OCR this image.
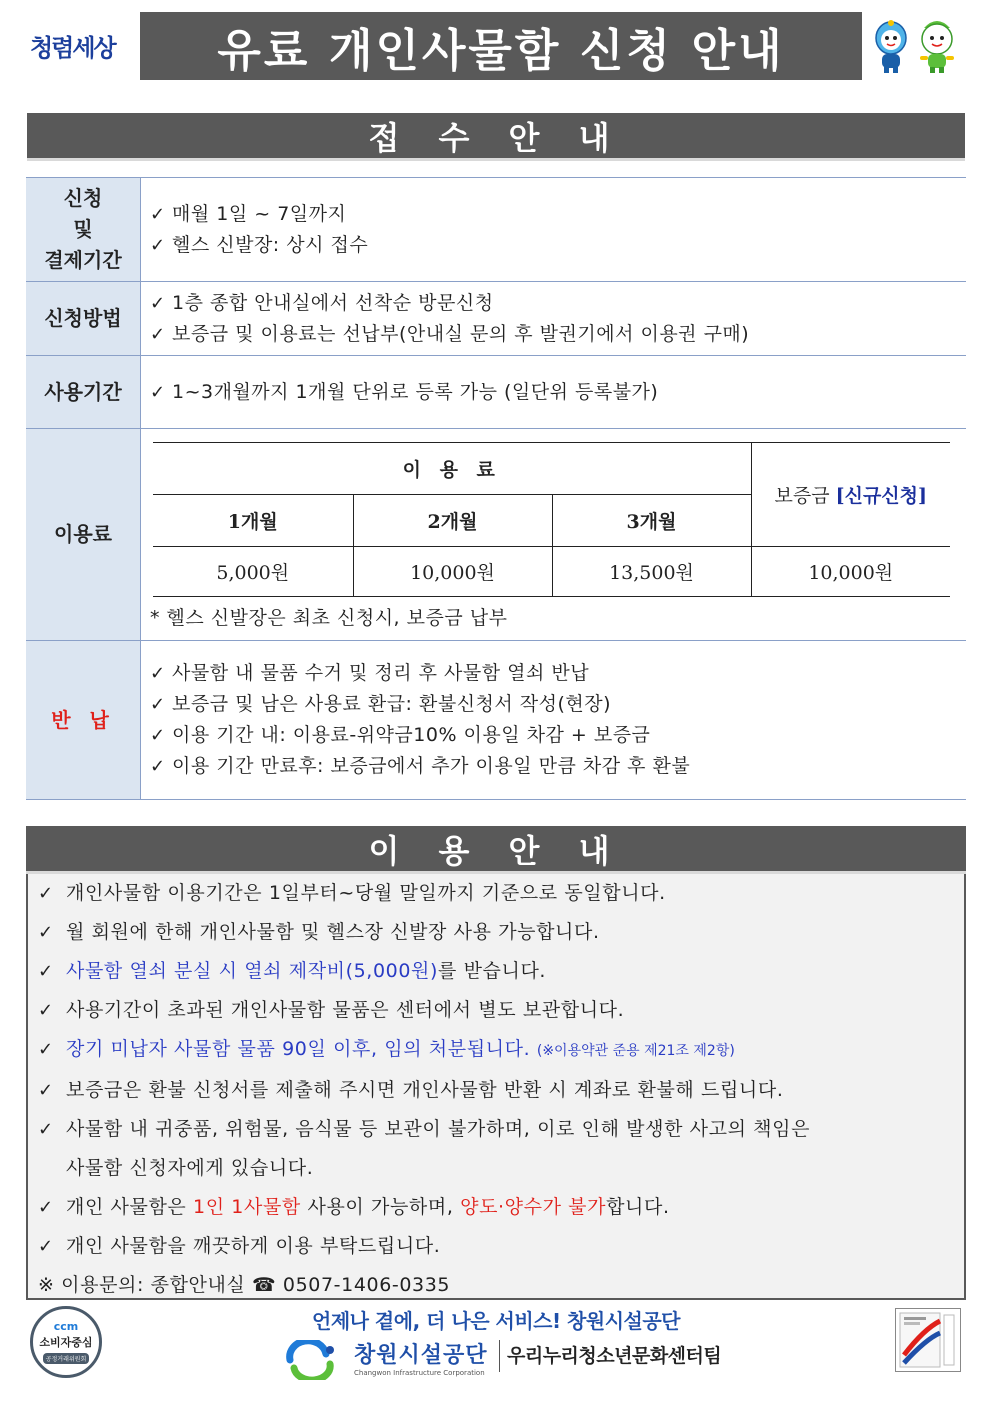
청렴세상 유료 개인사물함 신청 안내
접 수 안 내
신청
및
결제기간
✓ 매월 1일 ~ 7일까지
✓ 헬스 신발장: 상시 접수
신청방법
✓ 1층 종합 안내실에서 선착순 방문신청
✓ 보증금 및 이용료는 선납부(안내실 문의 후 발권기에서 이용권 구매)
사용기간 ✓ 1~3개월까지 1개월 단위로 등록 가능 (일단위 등록불가)
이용료
이 용 료			보증금 [신규신청]
1개월	2개월	3개월	
5,000원	10,000원	13,500원	10,000원
* 헬스 신발장은 최초 신청시, 보증금 납부
반 납
✓ 사물함 내 물품 수거 및 정리 후 사물함 열쇠 반납
✓ 보증금 및 남은 사용료 환급: 환불신청서 작성(현장)
✓ 이용 기간 내: 이용료-위약금10% 이용일 차감 + 보증금
✓ 이용 기간 만료후: 보증금에서 추가 이용일 만큼 차감 후 환불
이 용 안 내
✓ 개인사물함 이용기간은 1일부터~당월 말일까지 기준으로 동일합니다.
✓ 월 회원에 한해 개인사물함 및 헬스장 신발장 사용 가능합니다.
✓ 사물함 열쇠 분실 시 열쇠 제작비(5,000원)를 받습니다.
✓ 사용기간이 초과된 개인사물함 물품은 센터에서 별도 보관합니다.
✓ 장기 미납자 사물함 물품 90일 이후, 임의 처분됩니다. (※이용약관 준용 제21조 제2항)
✓ 보증금은 환불 신청서를 제출해 주시면 개인사물함 반환 시 계좌로 환불해 드립니다.
✓ 사물함 내 귀중품, 위험물, 음식물 등 보관이 불가하며, 이로 인해 발생한 사고의 책임은
사물함 신청자에게 있습니다.
✓ 개인 사물함은 1인 1사물함 사용이 가능하며, 양도·양수가 불가합니다.
✓ 개인 사물함을 깨끗하게 이용 부탁드립니다.
※ 이용문의: 종합안내실 ☎ 0507-1406-0335
ccm
소비자중심
공정거래위원회
언제나 곁에, 더 나은 서비스! 창원시설공단
창원시설공단 우리누리청소년문화센터팀
Changwon Infrastructure Corporation
